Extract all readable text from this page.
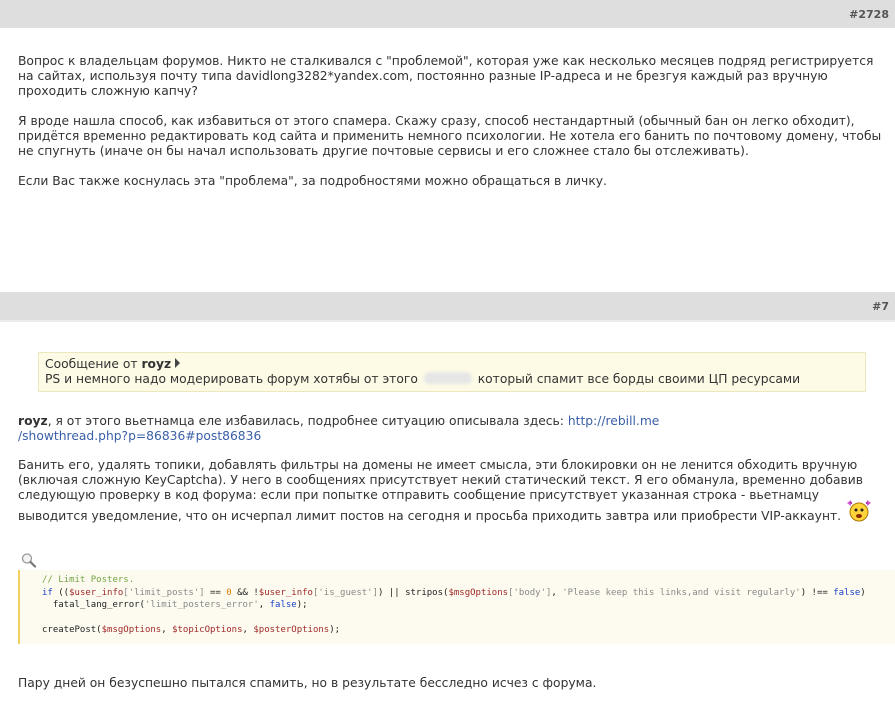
#2728

Вопрос к владельцам форумов. Никто не сталкивался с "проблемой", которая уже как несколько месяцев подряд регистрируется на сайтах, используя почту типа davidlong3282*yandex.com, постоянно разные IP-адреса и не брезгуя каждый раз вручную проходить сложную капчу?

Я вроде нашла способ, как избавиться от этого спамера. Скажу сразу, способ нестандартный (обычный бан он легко обходит), придётся временно редактировать код сайта и применить немного психологии. Не хотела его банить по почтовому домену, чтобы не спугнуть (иначе он бы начал использовать другие почтовые сервисы и его сложнее стало бы отслеживать).

Если Вас также коснулась эта "проблема", за подробностями можно обращаться в личку.

#7
Сообщение от royz
PS и немного надо модерировать форум хотябы от этого	который спамит все борды своими ЦП ресурсами
royz, я от этого вьетнамца еле избавилась, подробнее ситуацию описывала здесь: http://rebill.me
/showthread.php?p=86836#post86836

Банить его, удалять топики, добавлять фильтры на домены не имеет смысла, эти блокировки он не ленится обходить вручную (включая сложную KeyCaptcha). У него в сообщениях присутствует некий статический текст. Я его обманула, временно добавив следующую проверку в код форума: если при попытке отправить сообщение присутствует указанная строка - вьетнамцу

выводится уведомление, что он исчерпал лимит постов на сегодня и просьба приходить завтра или приобрести VIP-аккаунт.

// Limit Posters.
if (($user_info['limit_posts'] == 0 && !$user_info['is_guest']) || stripos($msgOptions['body'], 'Please keep this links,and visit regularly') !== false)
fatal_lang_error('limit_posters_error', false);

createPost($msgOptions, $topicOptions, $posterOptions);

Пару дней он безуспешно пытался спамить, но в результате бесследно исчез с форума.
